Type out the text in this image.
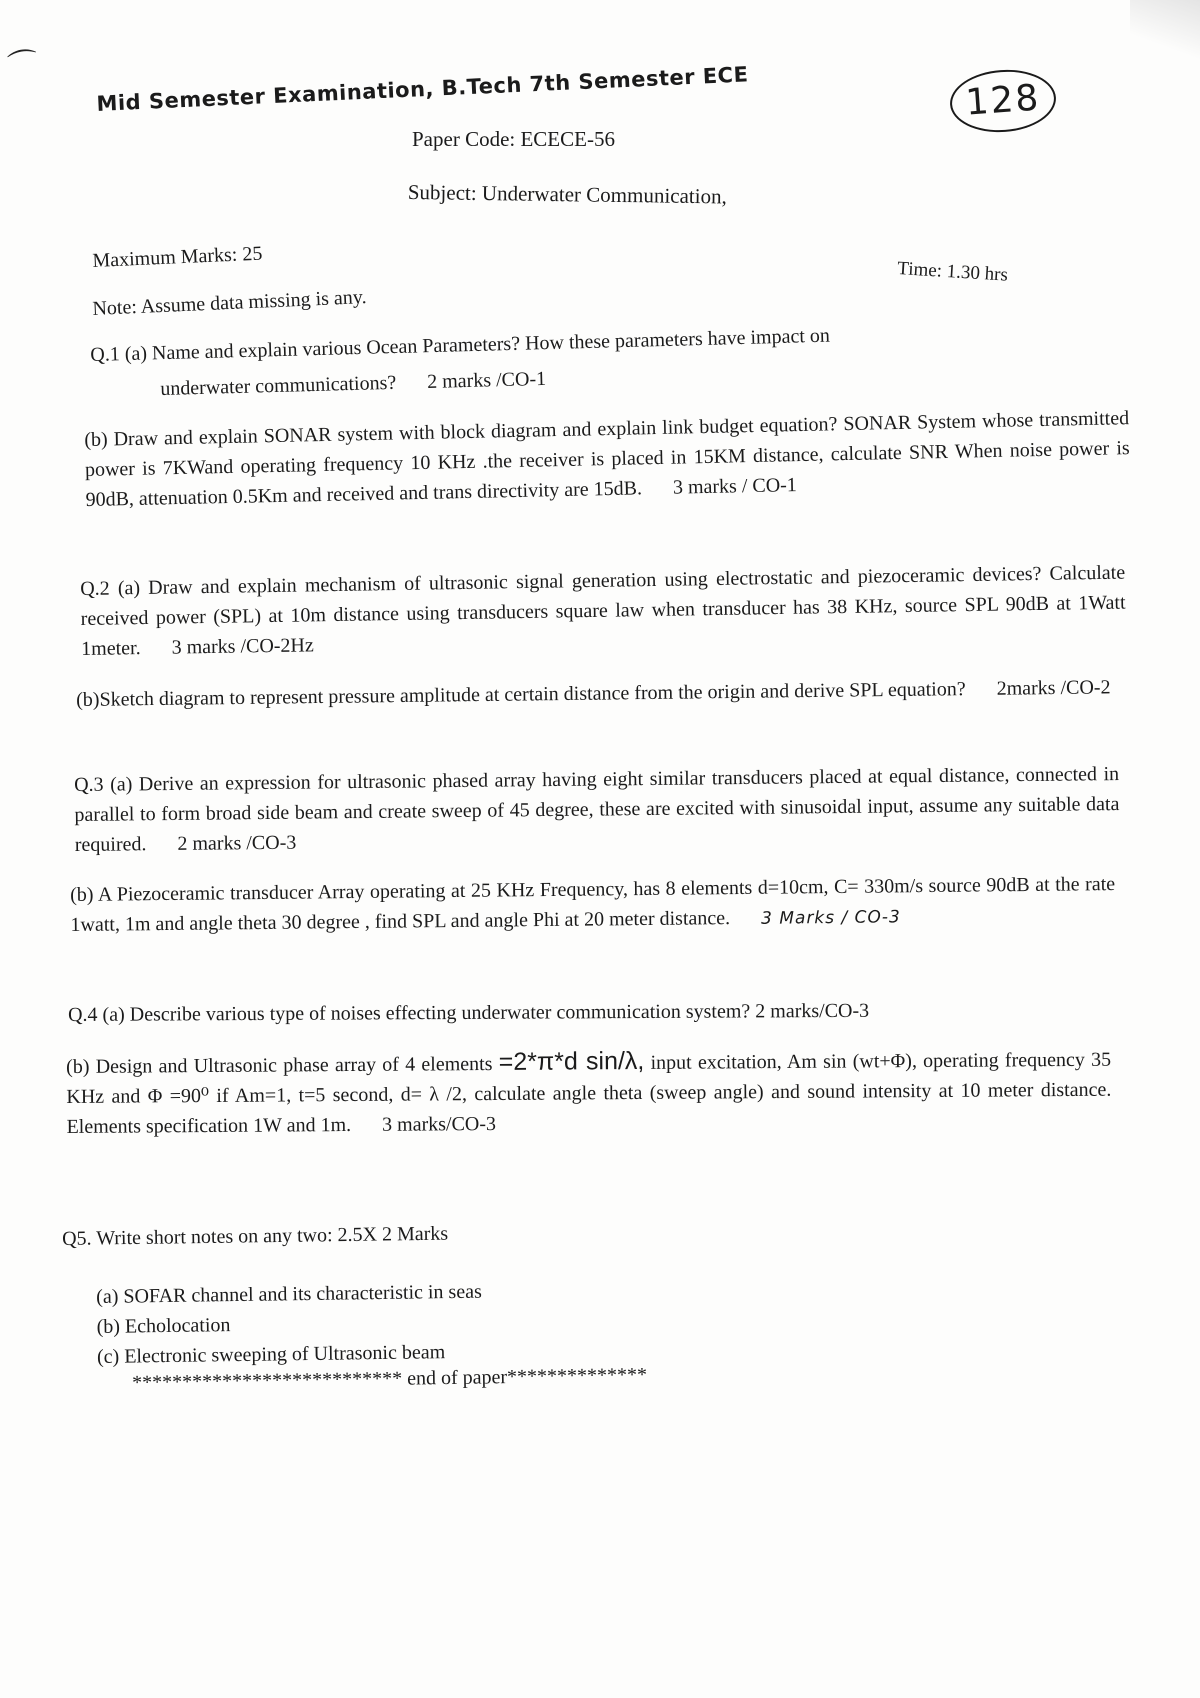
⌒
128
Mid Semester Examination, B.Tech 7th Semester ECE
Paper Code: ECECE-56
Subject: Underwater Communication,
Maximum Marks: 25	Time: 1.30 hrs
Note: Assume data missing is any.
Q.1 (a) Name and explain various Ocean Parameters? How these parameters have impact on
underwater communications? 2 marks /CO-1
(b) Draw and explain SONAR system with block diagram and explain link budget equation? SONAR System whose transmitted power is 7KWand operating frequency 10 KHz .the receiver is placed in 15KM distance, calculate SNR When noise power is 90dB, attenuation 0.5Km and received and trans directivity are 15dB. 3 marks / CO-1
Q.2 (a) Draw and explain mechanism of ultrasonic signal generation using electrostatic and piezoceramic devices? Calculate received power (SPL) at 10m distance using transducers square law when transducer has 38 KHz, source SPL 90dB at 1Watt 1meter. 3 marks /CO-2Hz
(b)Sketch diagram to represent pressure amplitude at certain distance from the origin and derive SPL equation? 2marks /CO-2
Q.3 (a) Derive an expression for ultrasonic phased array having eight similar transducers placed at equal distance, connected in parallel to form broad side beam and create sweep of 45 degree, these are excited with sinusoidal input, assume any suitable data required. 2 marks /CO-3
(b) A Piezoceramic transducer Array operating at 25 KHz Frequency, has 8 elements d=10cm, C= 330m/s source 90dB at the rate 1watt, 1m and angle theta 30 degree , find SPL and angle Phi at 20 meter distance. 3 Marks / CO-3
Q.4 (a) Describe various type of noises effecting underwater communication system? 2 marks/CO-3
(b) Design and Ultrasonic phase array of 4 elements =2*π*d sin/λ, input excitation, Am sin (wt+Φ), operating frequency 35 KHz and Φ =90⁰ if Am=1, t=5 second, d= λ /2, calculate angle theta (sweep angle) and sound intensity at 10 meter distance. Elements specification 1W and 1m. 3 marks/CO-3
Q5. Write short notes on any two: 2.5X 2 Marks
(a) SOFAR channel and its characteristic in seas
(b) Echolocation
(c) Electronic sweeping of Ultrasonic beam
*************************** end of paper**************
